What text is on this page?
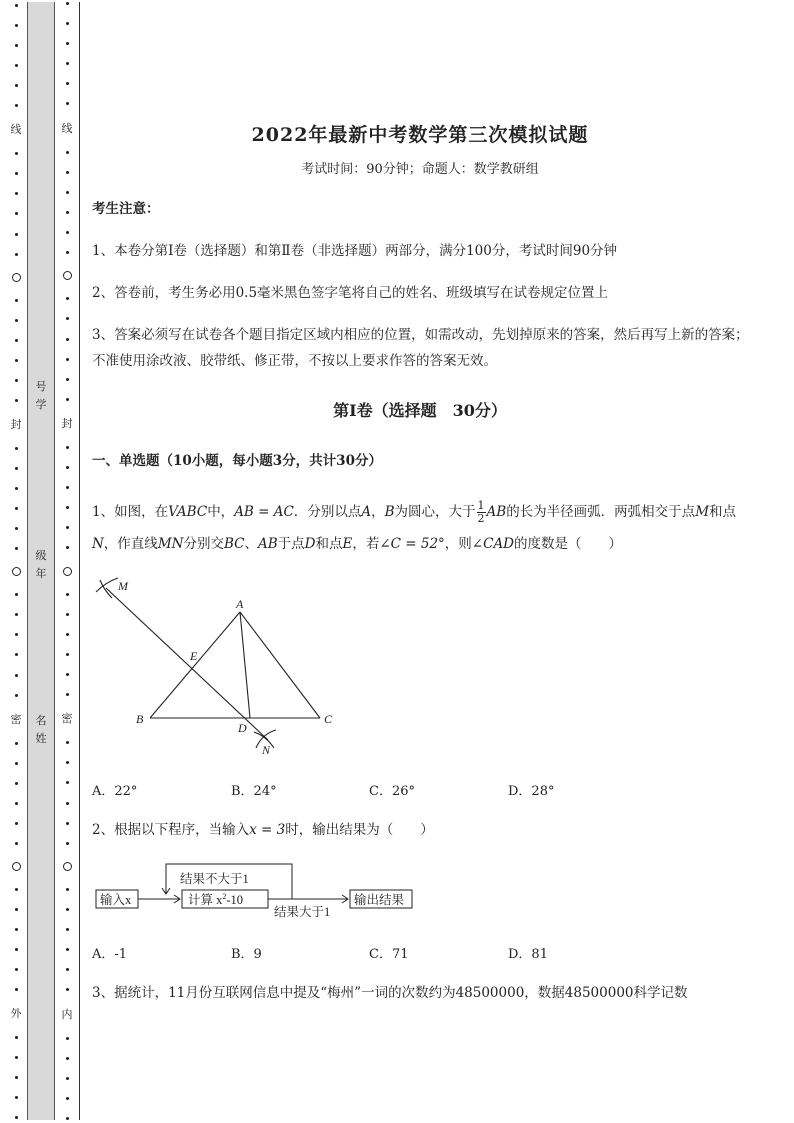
线
封
密
外
号学
级年
名姓
线
封
密
内
2022年最新中考数学第三次模拟试题
考试时间：90分钟；命题人：数学教研组
考生注意：
1、本卷分第I卷（选择题）和第Ⅱ卷（非选择题）两部分，满分100分，考试时间90分钟
2、答卷前，考生务必用0.5毫米黑色签字笔将自己的姓名、班级填写在试卷规定位置上
3、答案必须写在试卷各个题目指定区域内相应的位置，如需改动，先划掉原来的答案，然后再写上新的答案；不准使用涂改液、胶带纸、修正带，不按以上要求作答的答案无效。
第I卷（选择题　30分）
一、单选题（10小题，每小题3分，共计30分）
1、如图，在VABC中，AB = AC．分别以点A，B为圆心，大于 $\frac{1}{2}$ AB的长为半径画弧．两弧相交于点M和点N，作直线MN分别交BC、AB于点D和点E，若∠C = 52°，则∠CAD的度数是（　　）
M
A
E
B
D
C
N
A．22°	B．24°	C．26°	D．28°
2、根据以下程序，当输入x = 3时，输出结果为（　　）
输入x	计算 $x^2-10$
结果不大于1
结果大于1
输出结果
A．-1	B．9	C．71	D．81
3、据统计，11月份互联网信息中提及“梅州”一词的次数约为48500000，数据48500000科学记数
